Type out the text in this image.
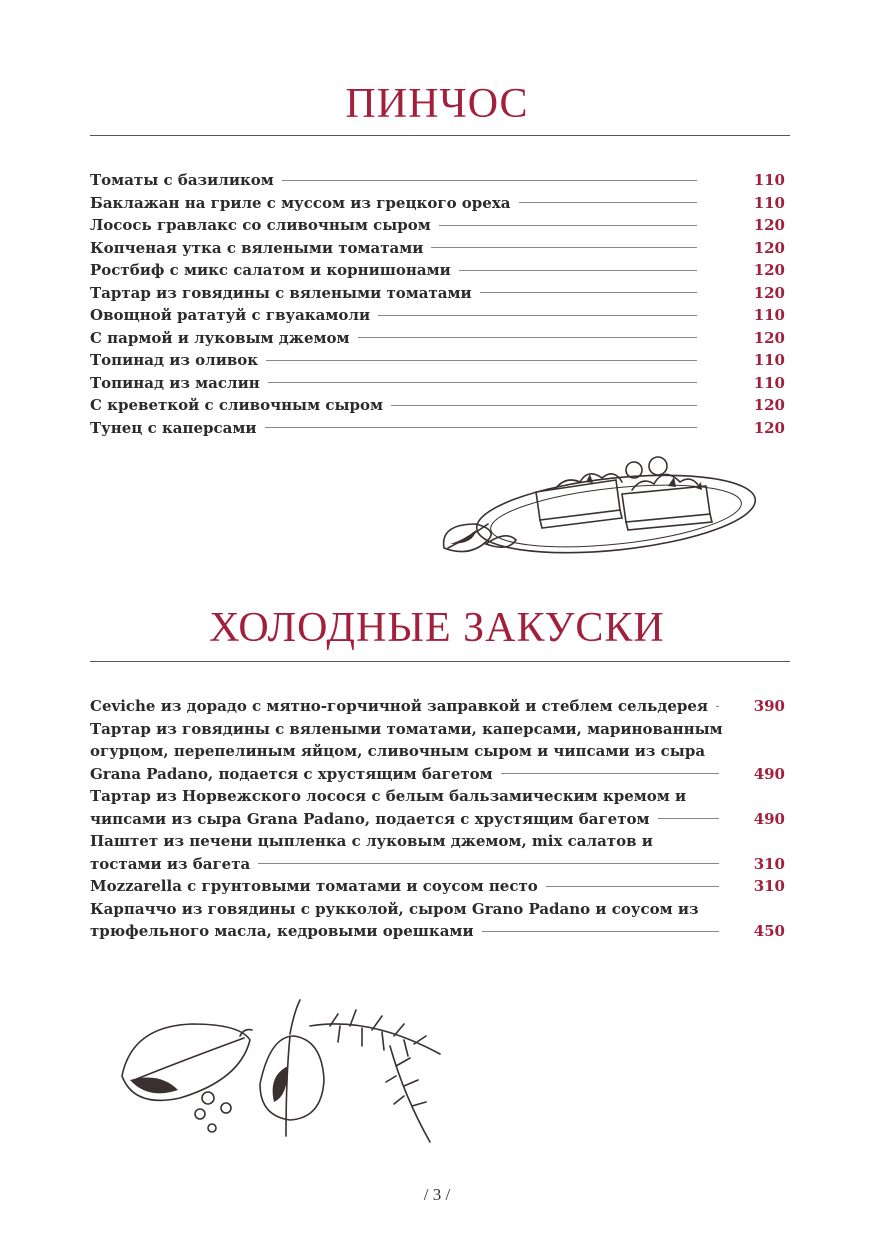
ПИНЧОС
Томаты с базиликом	110
Баклажан на гриле с муссом из грецкого ореха	110
Лосось гравлакс со сливочным сыром	120
Копченая утка с вялеными томатами	120
Ростбиф с микс салатом и корнишонами	120
Тартар из говядины с вялеными томатами	120
Овощной рататуй с гвуакамоли	110
С пармой и луковым джемом	120
Топинад из оливок	110
Топинад из маслин	110
С креветкой с сливочным сыром	120
Тунец с каперсами	120
ХОЛОДНЫЕ ЗАКУСКИ
Ceviche из дорадо с мятно-горчичной заправкой и стеблем сельдерея	390
Тартар из говядины с вялеными томатами, каперсами, маринованным
огурцом, перепелиным яйцом, сливочным сыром и чипсами из сыра
Grana Padano, подается с хрустящим багетом	490
Тартар из Норвежского лосося с белым бальзамическим кремом и
чипсами из сыра Grana Padano, подается с хрустящим багетом	490
Паштет из печени цыпленка с луковым джемом, mix салатов и
тостами из багета	310
Mozzarella с грунтовыми томатами и соусом песто	310
Карпаччо из говядины с рукколой, сыром Grano Padano и соусом из
трюфельного масла, кедровыми орешками	450
/ 3 /
